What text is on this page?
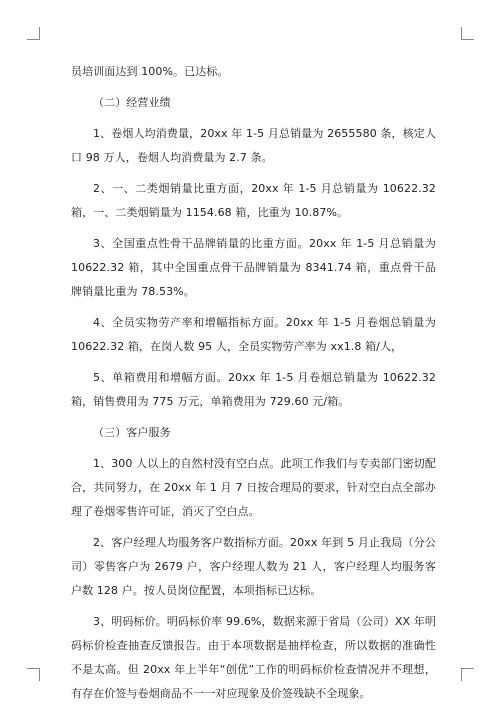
员培训面达到 100%。已达标。

（二）经营业绩

1、卷烟人均消费量，20xx 年 1-5 月总销量为 2655580 条，核定人口 98 万人，卷烟人均消费量为 2.7 条。

2、一、二类烟销量比重方面，20xx 年 1-5 月总销量为 10622.32 箱，一、二类烟销量为 1154.68 箱，比重为 10.87%。

3、全国重点性骨干品牌销量的比重方面。20xx 年 1-5 月总销量为 10622.32 箱，其中全国重点骨干品牌销量为 8341.74 箱，重点骨干品牌销量比重为 78.53%。

4、全员实物劳产率和增幅指标方面。20xx 年 1-5 月卷烟总销量为 10622.32 箱，在岗人数 95 人，全员实物劳产率为 xx1.8 箱/人，

5、单箱费用和增幅方面。20xx 年 1-5 月卷烟总销量为 10622.32 箱，销售费用为 775 万元，单箱费用为 729.60 元/箱。

（三）客户服务

1、300 人以上的自然村没有空白点。此项工作我们与专卖部门密切配合，共同努力，在 20xx 年 1 月 7 日按合理局的要求，针对空白点全部办理了卷烟零售许可证，消灭了空白点。

2、客户经理人均服务客户数指标方面。20xx 年到 5 月止我局（分公司）零售客户为 2679 户，客户经理人数为 21 人，客户经理人均服务客户数 128 户。按人员岗位配置，本项指标已达标。

3、明码标价。明码标价率 99.6%，数据来源于省局（公司）XX 年明码标价检查抽查反馈报告。由于本项数据是抽样检查，所以数据的准确性不是太高。但 20xx 年上半年“创优”工作的明码标价检查情况并不理想，有存在价签与卷烟商品不一一对应现象及价签残缺不全现象。
